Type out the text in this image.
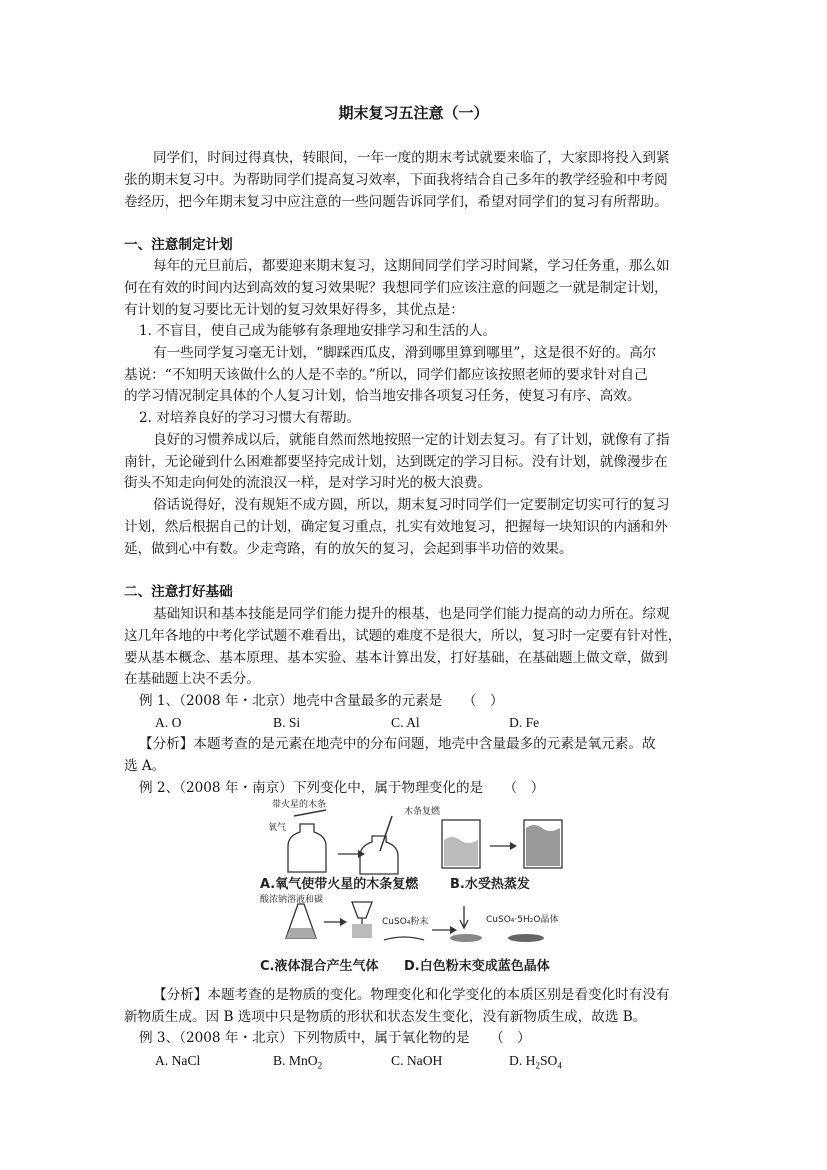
期末复习五注意（一）
同学们，时间过得真快，转眼间，一年一度的期末考试就要来临了，大家即将投入到紧
张的期末复习中。为帮助同学们提高复习效率，下面我将结合自己多年的教学经验和中考阅
卷经历，把今年期末复习中应注意的一些问题告诉同学们，希望对同学们的复习有所帮助。
一、注意制定计划
每年的元旦前后，都要迎来期末复习，这期间同学们学习时间紧，学习任务重，那么如
何在有效的时间内达到高效的复习效果呢？我想同学们应该注意的问题之一就是制定计划，
有计划的复习要比无计划的复习效果好得多，其优点是：
1. 不盲目，使自己成为能够有条理地安排学习和生活的人。
有一些同学复习毫无计划，“脚踩西瓜皮，滑到哪里算到哪里”，这是很不好的。高尔
基说：“不知明天该做什么的人是不幸的。”所以，同学们都应该按照老师的要求针对自己
的学习情况制定具体的个人复习计划，恰当地安排各项复习任务，使复习有序、高效。
2. 对培养良好的学习习惯大有帮助。
良好的习惯养成以后，就能自然而然地按照一定的计划去复习。有了计划，就像有了指
南针，无论碰到什么困难都要坚持完成计划，达到既定的学习目标。没有计划，就像漫步在
街头不知走向何处的流浪汉一样，是对学习时光的极大浪费。
俗话说得好，没有规矩不成方圆，所以，期末复习时同学们一定要制定切实可行的复习
计划，然后根据自己的计划，确定复习重点，扎实有效地复习，把握每一块知识的内涵和外
延，做到心中有数。少走弯路，有的放矢的复习，会起到事半功倍的效果。
二、注意打好基础
基础知识和基本技能是同学们能力提升的根基，也是同学们能力提高的动力所在。综观
这几年各地的中考化学试题不难看出，试题的难度不是很大，所以，复习时一定要有针对性，
要从基本概念、基本原理、基本实验、基本计算出发，打好基础，在基础题上做文章，做到
在基础题上决不丢分。
例 1、（2008 年・北京）地壳中含量最多的元素是　　（　）
A. O	B. Si	C. Al	D. Fe
【分析】本题考查的是元素在地壳中的分布问题，地壳中含量最多的元素是氧元素。故
选 A。
例 2、（2008 年・南京）下列变化中，属于物理变化的是　　（　）
带火星的木条
氧气
木条复燃
A.氧气使带火星的木条复燃 B.水受热蒸发
酸浓钠溶液和碳
CuSO₄粉末	CuSO₄·5H₂O晶体
C.液体混合产生气体 D.白色粉末变成蓝色晶体
【分析】本题考查的是物质的变化。物理变化和化学变化的本质区别是看变化时有没有
新物质生成。因 B 选项中只是物质的形状和状态发生变化，没有新物质生成，故选 B。
例 3、（2008 年・北京）下列物质中，属于氧化物的是　　（　）
A. NaCl	B. MnO$_2$	C. NaOH	D. $H_2SO_4$
